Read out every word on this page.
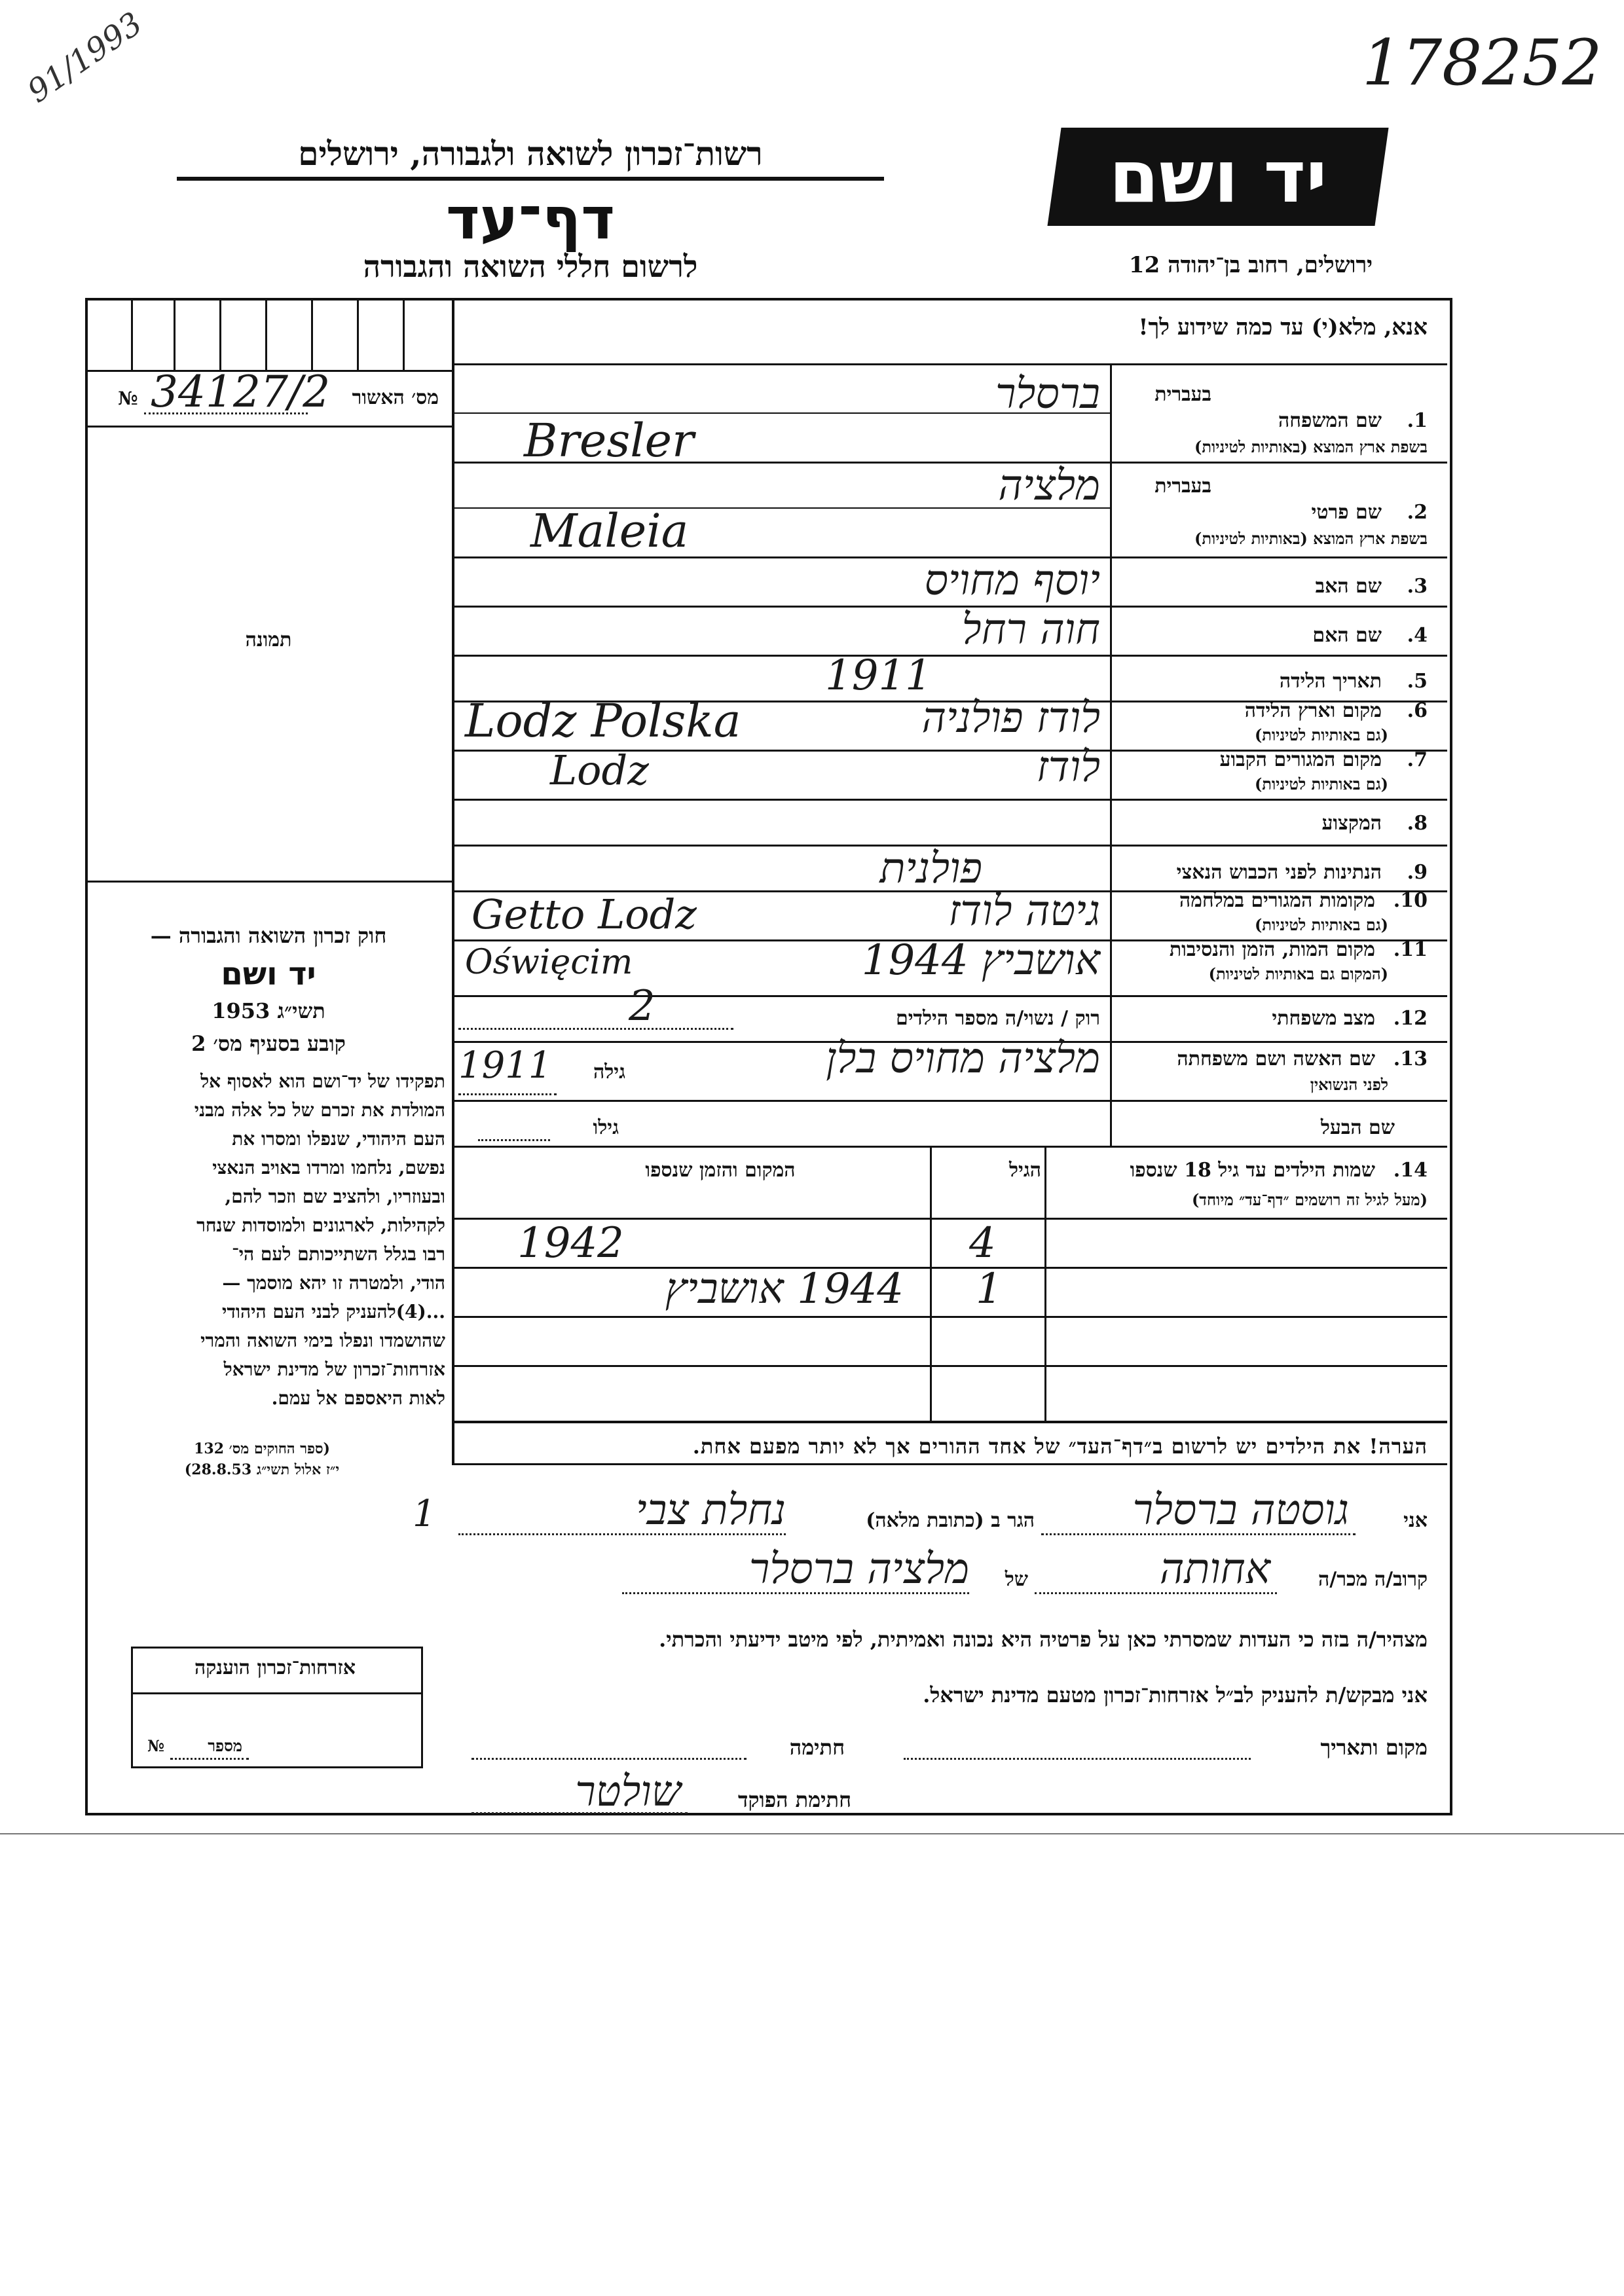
91/1993	178252
יד ושם
רשות־זכרון לשואה ולגבורה, ירושלים
דף־עד
לרשום חללי השואה והגבורה	ירושלים, רחוב בן־יהודה 12
מס׳ האשור
34127/2
№
תמונה
חוק זכרון השואה והגבורה —
יד ושם
תשי״ג 1953
קובע בסעיף מס׳ 2
תפקידו של יד־ושם הוא לאסוף אל
המולדת את זכרם של כל אלה מבני
העם היהודי, שנפלו ומסרו את
נפשם, נלחמו ומרדו באויב הנאצי
ובעוזריו, ולהציב שם וזכר להם,
לקהילות, לארגונים ולמוסדות שנחר
רבו בגלל השתייכותם לעם הי־
הודי, ולמטרה זו יהא מוסמך —
...(4)להעניק לבני העם היהודי
שהושמדו ונפלו בימי השואה והמרי
אזרחות־זכרון של מדינת ישראל
לאות היאספם אל עמם.
(ספר החוקים מס׳ 132
י״ז אלול תשי״ג 28.8.53)
אזרחות־זכרון הוענקה
מספר
№
אנא, מלא(י) עד כמה שידוע לך!
1.
שם המשפחה
בשפת ארץ המוצא (באותיות לטיניות)
בעברית
ברסלר
Bresler
2.
שם פרטי
בשפת ארץ המוצא (באותיות לטיניות)
בעברית
מלציה
Maleia
3.
שם האב
יוסף מחויס
4.
שם האם
חוה רחל
5.
תאריך הלידה
1911
6.
מקום וארץ הלידה
(גם באותיות לטיניות)
לודז פולניה
Lodz Polska
7.
מקום המגורים הקבוע
(גם באותיות לטיניות)
לודז
Lodz
8.
המקצוע
9.
הנתינות לפני הכבוש הנאצי
פולנית
10.
מקומות המגורים במלחמה
(גם באותיות לטיניות)
גיטה לודז
Getto Lodz
11.
מקום המות, הזמן והנסיבות
(המקום גם באותיות לטיניות)
אושביץ 1944
Oświęcim
12.
מצב משפחתי
רוק / נשוי/ה מספר הילדים
2
13.
שם האשה ושם משפחתה
לפני הנשואין
מלציה מחויס בלן
גילה
1911
שם הבעל
גילו
14.
שמות הילדים עד גיל 18 שנספו
(מעל לגיל זה רושמים ״דף־עד״ מיוחד)
הגיל
המקום והזמן שנספו
4
1942
1
1944 אושביץ
הערה! את הילדים יש לרשום ב״דף־העד״ של אחד ההורים אך לא יותר מפעם אחת.
אני
גוסטה ברסלר
הגר ב (כתובת מלאה)
נחלת צבי
1
קרוב/ה מכר/ה
אחותה
של
מלציה ברסלר
מצהיר/ה בזה כי העדות שמסרתי כאן על פרטיה היא נכונה ואמיתית, לפי מיטב ידיעתי והכרתי.
אני מבקש/ת להעניק לב״ל אזרחות־זכרון מטעם מדינת ישראל.
מקום ותאריך
חתימה
חתימת הפוקד
שולטר
